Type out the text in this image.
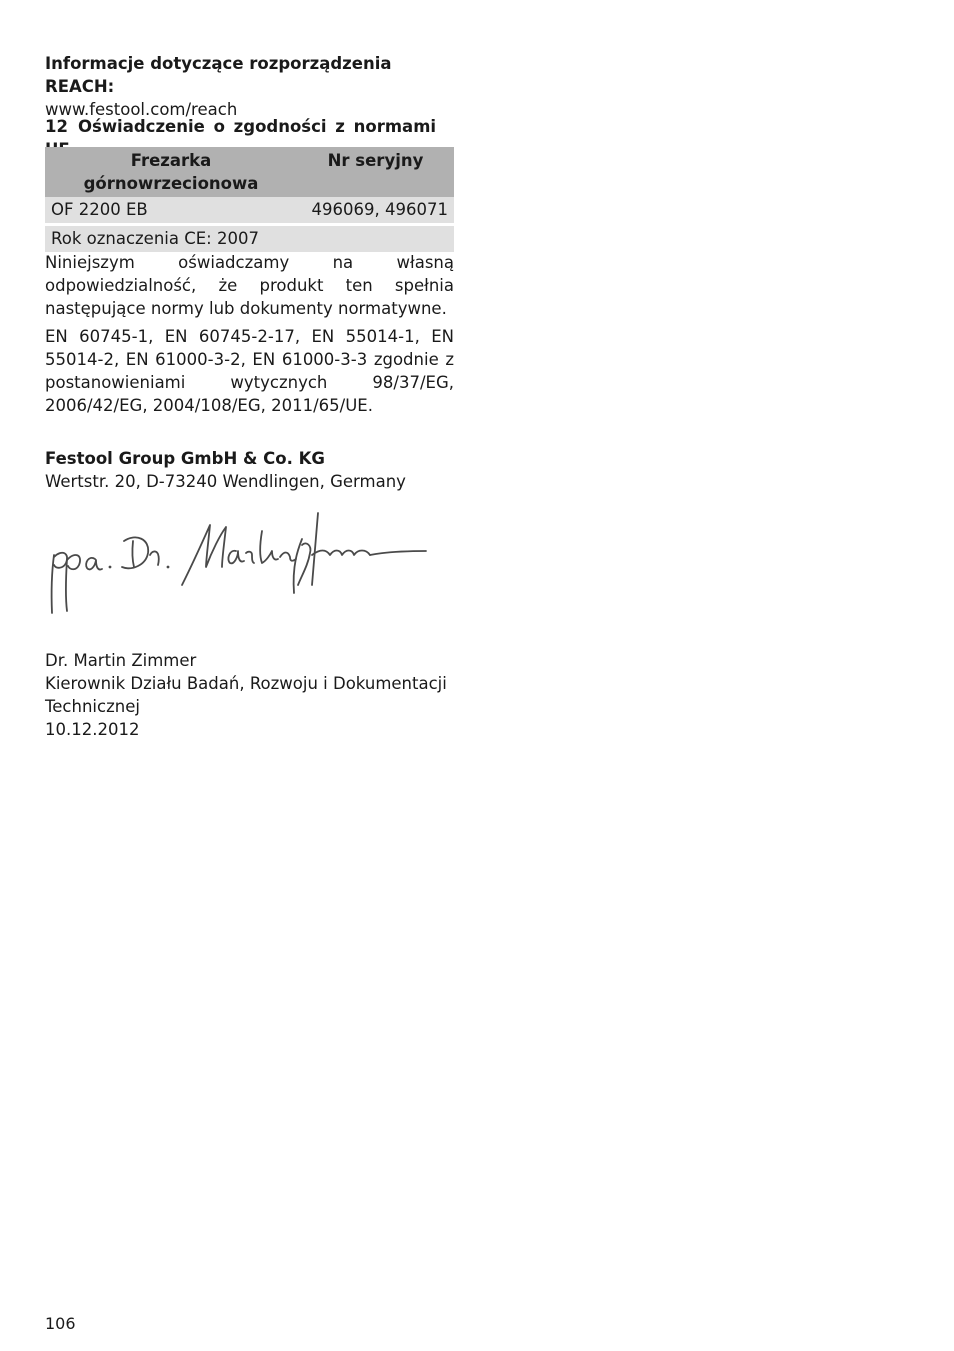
Informacje dotyczące rozporządzenia REACH:

www.festool.com/reach

12 Oświadczenie o zgodności z normami

Frezarka górnowrzecionowa	Nr seryjny
OF 2200 EB	496069, 496071

Rok oznaczenia CE: 2007	

Niniejszym oświadczamy na własną odpowiedzialność, że produkt ten spełnia następujące normy lub dokumenty normatywne.

EN 60745-1, EN 60745-2-17, EN 55014-1, EN 55014-2, EN 61000-3-2, EN 61000-3-3 zgodnie z postanowieniami wytycznych 98/37/EG, 2006/42/EG, 2004/108/EG, 2011/65/UE.

Festool Group GmbH & Co. KG

Wertstr. 20, D-73240 Wendlingen, Germany

Dr. Martin Zimmer

Kierownik Działu Badań, Rozwoju i Dokumentacji Technicznej

10.12.2012

106
